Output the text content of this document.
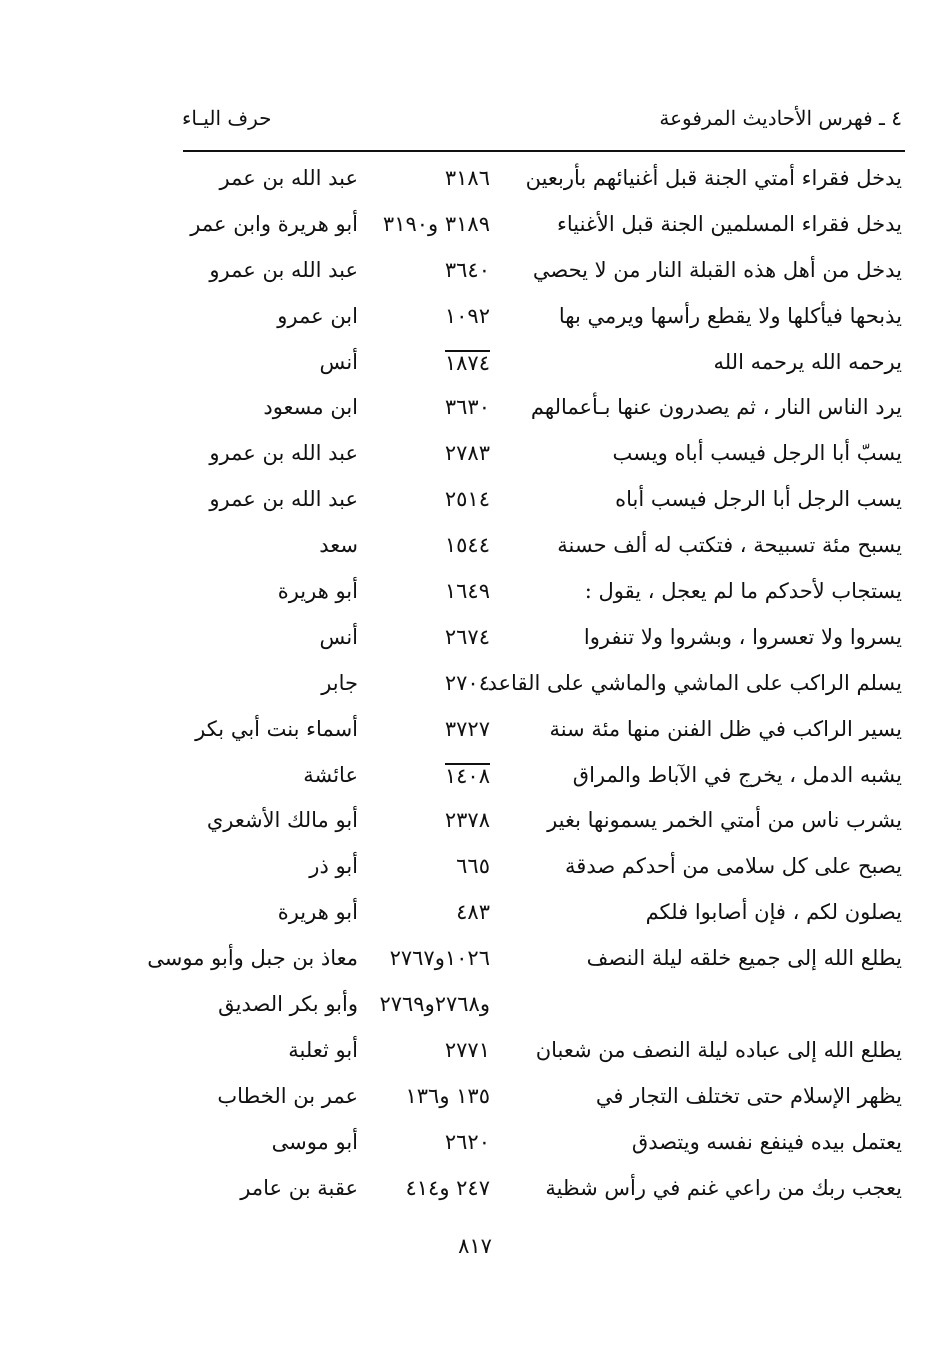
٤ ـ فهرس الأحاديث المرفوعة
حرف اليـاء
يدخل فقراء أمتي الجنة قبل أغنيائهم بأربعين
٣١٨٦
عبد الله بن عمر
يدخل فقراء المسلمين الجنة قبل الأغنياء
٣١٨٩ و٣١٩٠
أبو هريرة وابن عمر
يدخل من أهل هذه القبلة النار من لا يحصي
٣٦٤٠
عبد الله بن عمرو
يذبحها فيأكلها ولا يقطع رأسها ويرمي بها
١٠٩٢
ابن عمرو
يرحمه الله يرحمه الله
١٨٧٤
أنس
يرد الناس النار ، ثم يصدرون عنها بـأعمالهم
٣٦٣٠
ابن مسعود
يسبّ أبا الرجل فيسب أباه ويسب
٢٧٨٣
عبد الله بن عمرو
يسب الرجل أبا الرجل فيسب أباه
٢٥١٤
عبد الله بن عمرو
يسبح مئة تسبيحة ، فتكتب له ألف حسنة
١٥٤٤
سعد
يستجاب لأحدكم ما لم يعجل ، يقول :
١٦٤٩
أبو هريرة
يسروا ولا تعسروا ، وبشروا ولا تنفروا
٢٦٧٤
أنس
يسلم الراكب على الماشي والماشي على القاعد
٢٧٠٤
جابر
يسير الراكب في ظل الفنن منها مئة سنة
٣٧٢٧
أسماء بنت أبي بكر
يشبه الدمل ، يخرج في الآباط والمراق
١٤٠٨
عائشة
يشرب ناس من أمتي الخمر يسمونها بغير
٢٣٧٨
أبو مالك الأشعري
يصبح على كل سلامى من أحدكم صدقة
٦٦٥
أبو ذر
يصلون لكم ، فإن أصابوا فلكم
٤٨٣
أبو هريرة
يطلع الله إلى جميع خلقه ليلة النصف
١٠٢٦و٢٧٦٧
معاذ بن جبل وأبو موسى
و٢٧٦٨و٢٧٦٩
وأبو بكر الصديق
يطلع الله إلى عباده ليلة النصف من شعبان
٢٧٧١
أبو ثعلبة
يظهر الإسلام حتى تختلف التجار في
١٣٥ و١٣٦
عمر بن الخطاب
يعتمل بيده فينفع نفسه ويتصدق
٢٦٢٠
أبو موسى
يعجب ربك من راعي غنم في رأس شظية
٢٤٧ و٤١٤
عقبة بن عامر
٨١٧
